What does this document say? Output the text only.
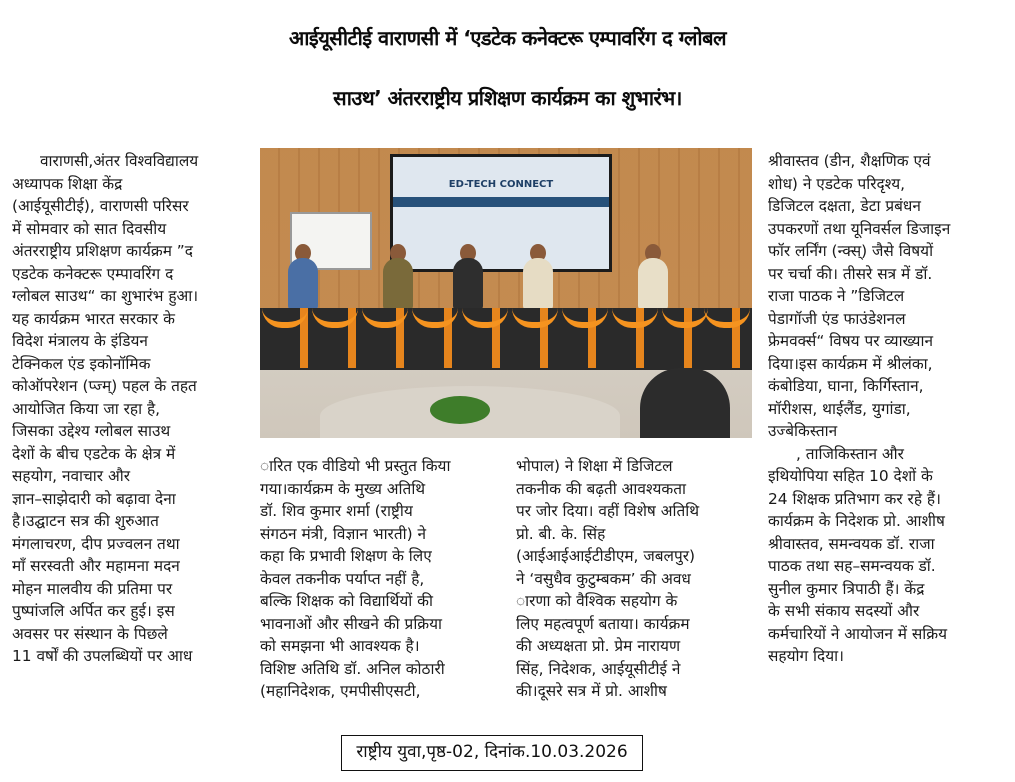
आईयूसीटीई वाराणसी में ‘एडटेक कनेक्टरू एम्पावरिंग द ग्लोबल
साउथ’ अंतरराष्ट्रीय प्रशिक्षण कार्यक्रम का शुभारंभ।

वाराणसी,अंतर विश्वविद्यालय

अध्यापक शिक्षा केंद्र

(आईयूसीटीई), वाराणसी परिसर

में सोमवार को सात दिवसीय

अंतरराष्ट्रीय प्रशिक्षण कार्यक्रम ”द

एडटेक कनेक्टरू एम्पावरिंग द

ग्लोबल साउथ“ का शुभारंभ हुआ।

यह कार्यक्रम भारत सरकार के

विदेश मंत्रालय के इंडियन

टेक्निकल एंड इकोनॉमिक

कोऑपरेशन (प्ज्म्) पहल के तहत

आयोजित किया जा रहा है,

जिसका उद्देश्य ग्लोबल साउथ

देशों के बीच एडटेक के क्षेत्र में

सहयोग, नवाचार और

ज्ञान–साझेदारी को बढ़ावा देना

है।उद्घाटन सत्र की शुरुआत

मंगलाचरण, दीप प्रज्वलन तथा

माँ सरस्वती और महामना मदन

मोहन मालवीय की प्रतिमा पर

पुष्पांजलि अर्पित कर हुई। इस

अवसर पर संस्थान के पिछले

11 वर्षों की उपलब्धियों पर आध

ED-TECH CONNECT

ारित एक वीडियो भी प्रस्तुत किया

गया।कार्यक्रम के मुख्य अतिथि

डॉ. शिव कुमार शर्मा (राष्ट्रीय

संगठन मंत्री, विज्ञान भारती) ने

कहा कि प्रभावी शिक्षण के लिए

केवल तकनीक पर्याप्त नहीं है,

बल्कि शिक्षक को विद्यार्थियों की

भावनाओं और सीखने की प्रक्रिया

को समझना भी आवश्यक है।

विशिष्ट अतिथि डॉ. अनिल कोठारी

(महानिदेशक, एमपीसीएसटी,

भोपाल) ने शिक्षा में डिजिटल

तकनीक की बढ़ती आवश्यकता

पर जोर दिया। वहीं विशेष अतिथि

प्रो. बी. के. सिंह

(आईआईआईटीडीएम, जबलपुर)

ने ‘वसुधैव कुटुम्बकम’ की अवध

ारणा को वैश्विक सहयोग के

लिए महत्वपूर्ण बताया। कार्यक्रम

की अध्यक्षता प्रो. प्रेम नारायण

सिंह, निदेशक, आईयूसीटीई ने

की।दूसरे सत्र में प्रो. आशीष

श्रीवास्तव (डीन, शैक्षणिक एवं

शोध) ने एडटेक परिदृश्य,

डिजिटल दक्षता, डेटा प्रबंधन

उपकरणों तथा यूनिवर्सल डिजाइन

फॉर लर्निंग (न्क्स्) जैसे विषयों

पर चर्चा की। तीसरे सत्र में डॉ.

राजा पाठक ने ”डिजिटल

पेडागॉजी एंड फाउंडेशनल

फ्रेमवर्क्स“ विषय पर व्याख्यान

दिया।इस कार्यक्रम में श्रीलंका,

कंबोडिया, घाना, किर्गिस्तान,

मॉरीशस, थाईलैंड, युगांडा,

उज्बेकिस्तान

, ताजिकिस्तान और

इथियोपिया सहित 10 देशों के

24 शिक्षक प्रतिभाग कर रहे हैं।

कार्यक्रम के निदेशक प्रो. आशीष

श्रीवास्तव, समन्वयक डॉ. राजा

पाठक तथा सह–समन्वयक डॉ.

सुनील कुमार त्रिपाठी हैं। केंद्र

के सभी संकाय सदस्यों और

कर्मचारियों ने आयोजन में सक्रिय

सहयोग दिया।

राष्ट्रीय युवा,पृष्ठ-02, दिनांक.10.03.2026
